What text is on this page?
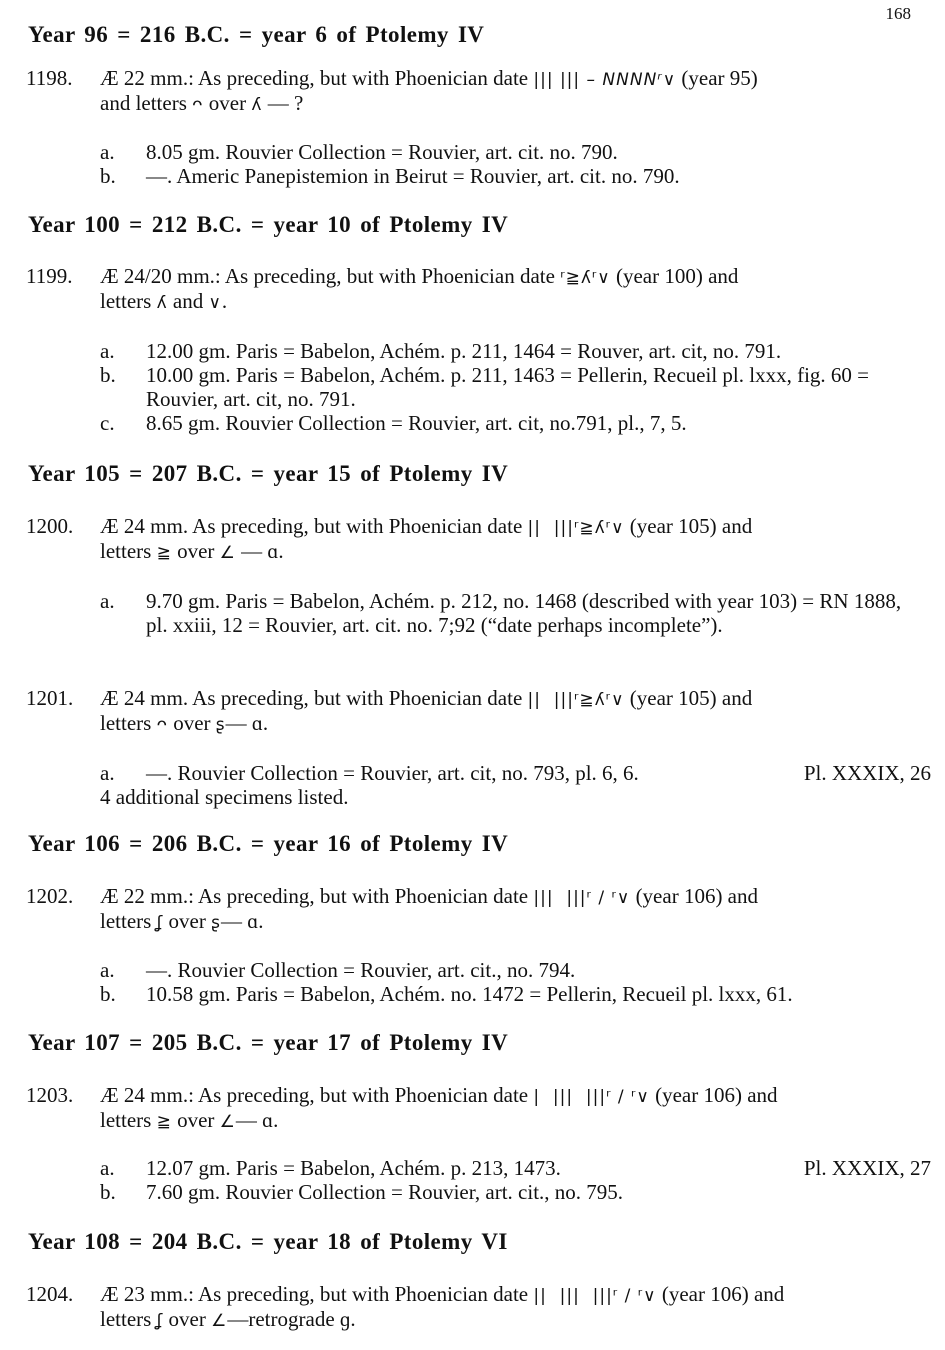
168
Year 96 = 216 B.C. = year 6 of Ptolemy IV
1198. Æ 22 mm.: As preceding, but with Phoenician date ||| ||| – NNNNʳ∨ (year 95)
and letters ᴖ over ʎ — ?
a. 8.05 gm. Rouvier Collection = Rouvier, art. cit. no. 790.
b. —. Americ Panepistemion in Beirut = Rouvier, art. cit. no. 790.
Year 100 = 212 B.C. = year 10 of Ptolemy IV
1199. Æ 24/20 mm.: As preceding, but with Phoenician date ʳ≧ʎʳ∨ (year 100) and
letters ʎ and ∨.
a. 12.00 gm. Paris = Babelon, Achém. p. 211, 1464 = Rouver, art. cit, no. 791.
b. 10.00 gm. Paris = Babelon, Achém. p. 211, 1463 = Pellerin, Recueil pl. lxxx, fig. 60 = Rouvier, art. cit, no. 791.
c. 8.65 gm. Rouvier Collection = Rouvier, art. cit, no.791, pl., 7, 5.
Year 105 = 207 B.C. = year 15 of Ptolemy IV
1200. Æ 24 mm. As preceding, but with Phoenician date ||  |||ʳ≧ʎʳ∨ (year 105) and
letters ≧ over ∠ — ɑ.
a. 9.70 gm. Paris = Babelon, Achém. p. 212, no. 1468 (described with year 103) = RN 1888, pl. xxiii, 12 = Rouvier, art. cit. no. 7;92 (“date perhaps incomplete”).
1201. Æ 24 mm. As preceding, but with Phoenician date ||  |||ʳ≧ʎʳ∨ (year 105) and
letters ᴖ over ʂ— ɑ.
a. —. Rouvier Collection = Rouvier, art. cit, no. 793, pl. 6, 6.	Pl. XXXIX, 26
4 additional specimens listed.
Year 106 = 206 B.C. = year 16 of Ptolemy IV
1202. Æ 22 mm.: As preceding, but with Phoenician date |||  |||ʳ / ʳ∨ (year 106) and
letters ʆ over ʂ— ɑ.
a. —. Rouvier Collection = Rouvier, art. cit., no. 794.
b. 10.58 gm. Paris = Babelon, Achém. no. 1472 = Pellerin, Recueil pl. lxxx, 61.
Year 107 = 205 B.C. = year 17 of Ptolemy IV
1203. Æ 24 mm.: As preceding, but with Phoenician date |  |||  |||ʳ / ʳ∨ (year 106) and
letters ≧ over ∠— ɑ.
a. 12.07 gm. Paris = Babelon, Achém. p. 213, 1473.	Pl. XXXIX, 27
b. 7.60 gm. Rouvier Collection = Rouvier, art. cit., no. 795.
Year 108 = 204 B.C. = year 18 of Ptolemy VI
1204. Æ 23 mm.: As preceding, but with Phoenician date ||  |||  |||ʳ / ʳ∨ (year 106) and
letters ʆ over ∠—retrograde ɡ.
